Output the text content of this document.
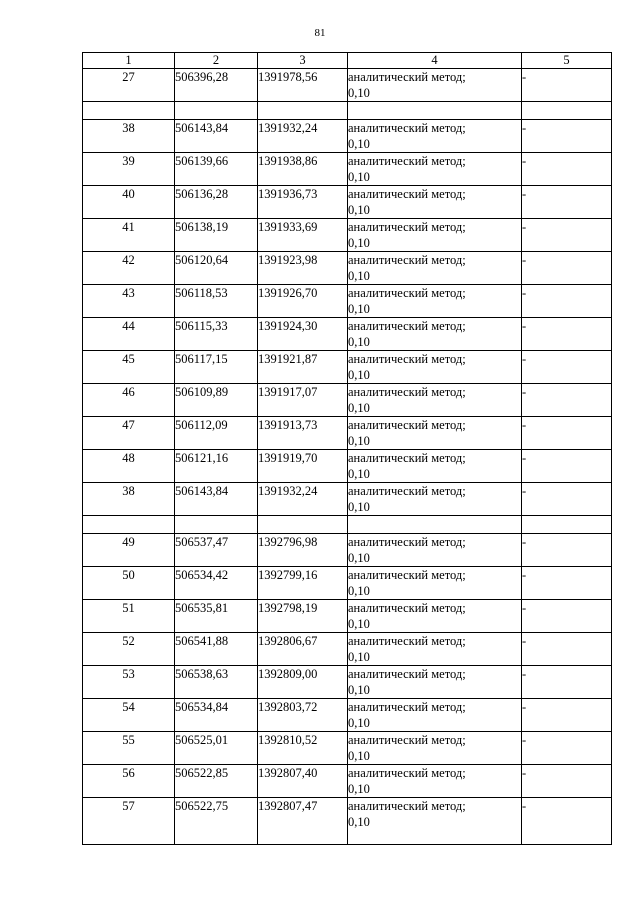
81
1	2	3	4	5
27	506396,28	1391978,56	аналитический метод;
0,10	-

38	506143,84	1391932,24	аналитический метод;
0,10	-
39	506139,66	1391938,86	аналитический метод;
0,10	-
40	506136,28	1391936,73	аналитический метод;
0,10	-
41	506138,19	1391933,69	аналитический метод;
0,10	-
42	506120,64	1391923,98	аналитический метод;
0,10	-
43	506118,53	1391926,70	аналитический метод;
0,10	-
44	506115,33	1391924,30	аналитический метод;
0,10	-
45	506117,15	1391921,87	аналитический метод;
0,10	-
46	506109,89	1391917,07	аналитический метод;
0,10	-
47	506112,09	1391913,73	аналитический метод;
0,10	-
48	506121,16	1391919,70	аналитический метод;
0,10	-
38	506143,84	1391932,24	аналитический метод;
0,10	-

49	506537,47	1392796,98	аналитический метод;
0,10	-
50	506534,42	1392799,16	аналитический метод;
0,10	-
51	506535,81	1392798,19	аналитический метод;
0,10	-
52	506541,88	1392806,67	аналитический метод;
0,10	-
53	506538,63	1392809,00	аналитический метод;
0,10	-
54	506534,84	1392803,72	аналитический метод;
0,10	-
55	506525,01	1392810,52	аналитический метод;
0,10	-
56	506522,85	1392807,40	аналитический метод;
0,10	-
57	506522,75	1392807,47	аналитический метод;
0,10	-
